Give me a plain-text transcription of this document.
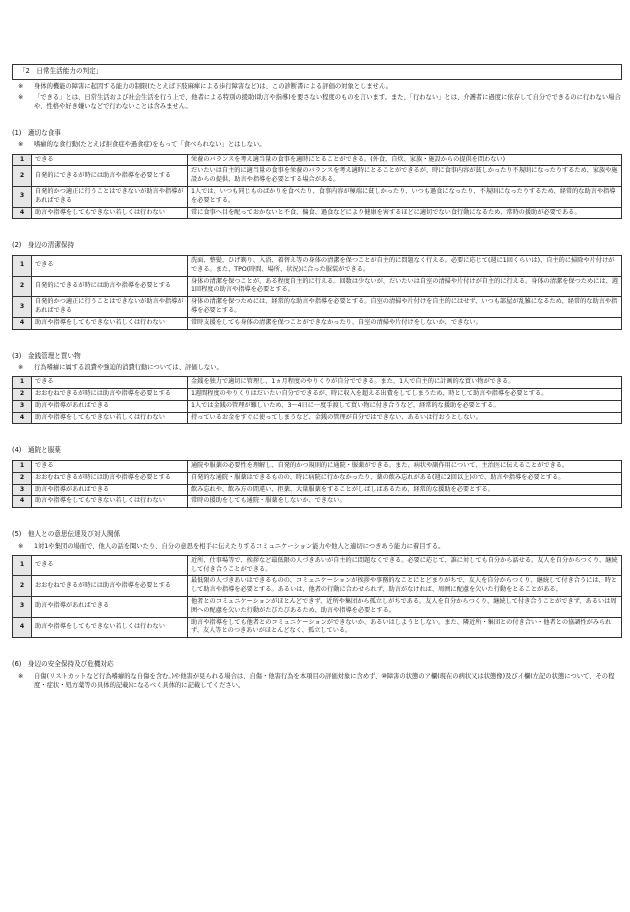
「2　日常生活能力の判定」
※	身体的機能の障害に起因する能力の制限(たとえば下肢麻痺による歩行障害など)は、この診断書による評価の対象としません。
※	「できる」とは、日常生活および社会生活を行う上で、他者による特別の援助(助言や指導)を要さない程度のものを言います。また、「行わない」とは、介護者に過度に依存して自分でできるのに行わない場合や、性格や好き嫌いなどで行わないことは含みません。
(1)　適切な食事
※	嗜癖的な食行動(たとえば拒食症や過食症)をもって「食べられない」とはしない。
1	できる	栄養のバランスを考え適当量の食事を適時にとることができる。(外食、自炊、家族・施設からの提供を問わない)
2	自発的にできるが時には助言や指導を必要とする	だいたいは自主的に適当量の食事を栄養のバランスを考え適時にとることができるが、時に食事内容が貧しかったり不規則になったりするため、家族や施設からの提供、助言や指導を必要とする場合がある。
3	自発的かつ適正に行うことはできないが助言や指導があればできる	1人では、いつも同じものばかりを食べたり、食事内容が極端に貧しかったり、いつも過食になったり、不規則になったりするため、経常的な助言や指導を必要とする。
4	助言や指導をしてもできない若しくは行わない	常に食事へ目を配っておかないと不食、偏食、過食などにより健康を害するほどに適切でない食行動になるため、常時の援助が必要である。
(2)　身辺の清潔保持
1	できる	洗面、整髪、ひげ剃り、入浴、着替え等の身体の清潔を保つことが自主的に問題なく行える。必要に応じて(週に1回くらいは)、自主的に掃除や片付けができる。また、TPO(時間、場所、状況)に合った服装ができる。
2	自発的にできるが時には助言や指導を必要とする	身体の清潔を保つことが、ある程度自主的に行える。回数は少ないが、だいたいは自室の清掃や片付けが自主的に行える。身体の清潔を保つためには、週1回程度の助言や指導を必要とする。
3	自発的かつ適正に行うことはできないが助言や指導があればできる	身体の清潔を保つためには、経常的な助言や指導を必要とする。自室の清掃や片付けを自主的にはせず、いつも部屋が乱雑になるため、経常的な助言や指導を必要とする。
4	助言や指導をしてもできない若しくは行わない	常時支援をしても身体の清潔を保つことができなかったり、自室の清掃や片付けをしないか、できない。
(3)　金銭管理と買い物
※	行為嗜癖に属する浪費や強迫的消費行動については、評価しない。
1	できる	金銭を独力で適切に管理し、1ヵ月程度のやりくりが自分でできる。また、1人で自主的に計画的な買い物ができる。
2	おおむねできるが時には助言や指導を必要とする	1週間程度のやりくりはだいたい自分でできるが、時に収入を超える出費をしてしまうため、時として助言や指導を必要とする。
3	助言や指導があればできる	1人では金銭の管理が難しいため、3〜4日に一度手渡して買い物に付き合うなど、経常的な援助を必要とする。
4	助言や指導をしてもできない若しくは行わない	持っているお金をすぐに使ってしまうなど、金銭の管理が自分ではできない、あるいは行おうとしない。
(4)　通院と服薬
1	できる	通院や服薬の必要性を理解し、自発的かつ規則的に通院・服薬ができる。また、病状や副作用について、主治医に伝えることができる。
2	おおむねできるが時には助言や指導を必要とする	自発的な通院・服薬はできるものの、時に病院に行かなかったり、薬の飲み忘れがある(週に2回以上)ので、助言や指導を必要とする。
3	助言や指導があればできる	飲み忘れや、飲み方の間違い、拒薬、大量服薬をすることがしばしばあるため、経常的な援助を必要とする。
4	助言や指導をしてもできない若しくは行わない	常時の援助をしても通院・服薬をしないか、できない。
(5)　他人との意思伝達及び対人関係
※	1対1や集団の場面で、他人の話を聞いたり、自分の意思を相手に伝えたりするコミュニケーション能力や他人と適切につきあう能力に着目する。
1	できる	近所、仕事場等で、挨拶など最低限の人づきあいが自主的に問題なくできる。必要に応じて、誰に対しても自分から話せる。友人を自分からつくり、継続して付き合うことができる。
2	おおむねできるが時には助言や指導を必要とする	最低限の人づきあいはできるものの、コミュニケーションが挨拶や事務的なことにとどまりがちで、友人を自分からつくり、継続して付き合うには、時として助言や指導を必要とする。あるいは、他者の行動に合わせられず、助言がなければ、周囲に配慮を欠いた行動をとることがある。
3	助言や指導があればできる	他者とのコミュニケーションがほとんどできず、近所や集団から孤立しがちである。友人を自分からつくり、継続して付き合うことができず、あるいは周囲への配慮を欠いた行動がたびたびあるため、助言や指導を必要とする。
4	助言や指導をしてもできない若しくは行わない	助言や指導をしても他者とのコミュニケーションができないか、あるいはしようとしない。また、隣近所・集団との付き合い・他者との協調性がみられず、友人等とのつきあいがほとんどなく、孤立している。
(6)　身辺の安全保持及び危機対応
※	自傷(リストカットなど行為嗜癖的な自傷を含む。)や他害が見られる場合は、自傷・他害行為を本項目の評価対象に含めず、⑩障害の状態のア欄(現在の病状又は状態像)及びイ欄(左記の状態について、その程度・症状・処方薬等の具体的記載)になるべく具体的に記載してください。
